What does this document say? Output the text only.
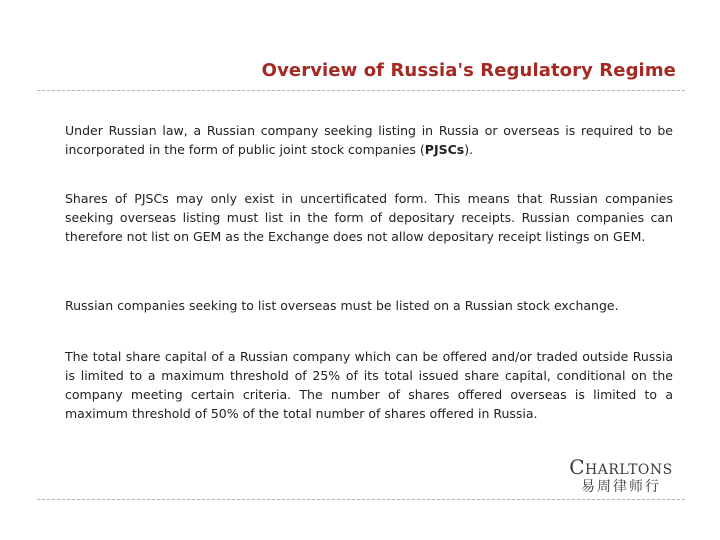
Overview of Russia's Regulatory Regime
Under Russian law, a Russian company seeking listing in Russia or overseas is required to be incorporated in the form of public joint stock companies (PJSCs).
Shares of PJSCs may only exist in uncertificated form. This means that Russian companies seeking overseas listing must list in the form of depositary receipts. Russian companies can therefore not list on GEM as the Exchange does not allow depositary receipt listings on GEM.
Russian companies seeking to list overseas must be listed on a Russian stock exchange.
The total share capital of a Russian company which can be offered and/or traded outside Russia is limited to a maximum threshold of 25% of its total issued share capital, conditional on the company meeting certain criteria. The number of shares offered overseas is limited to a maximum threshold of 50% of the total number of shares offered in Russia.
Charltons
易周律师行
